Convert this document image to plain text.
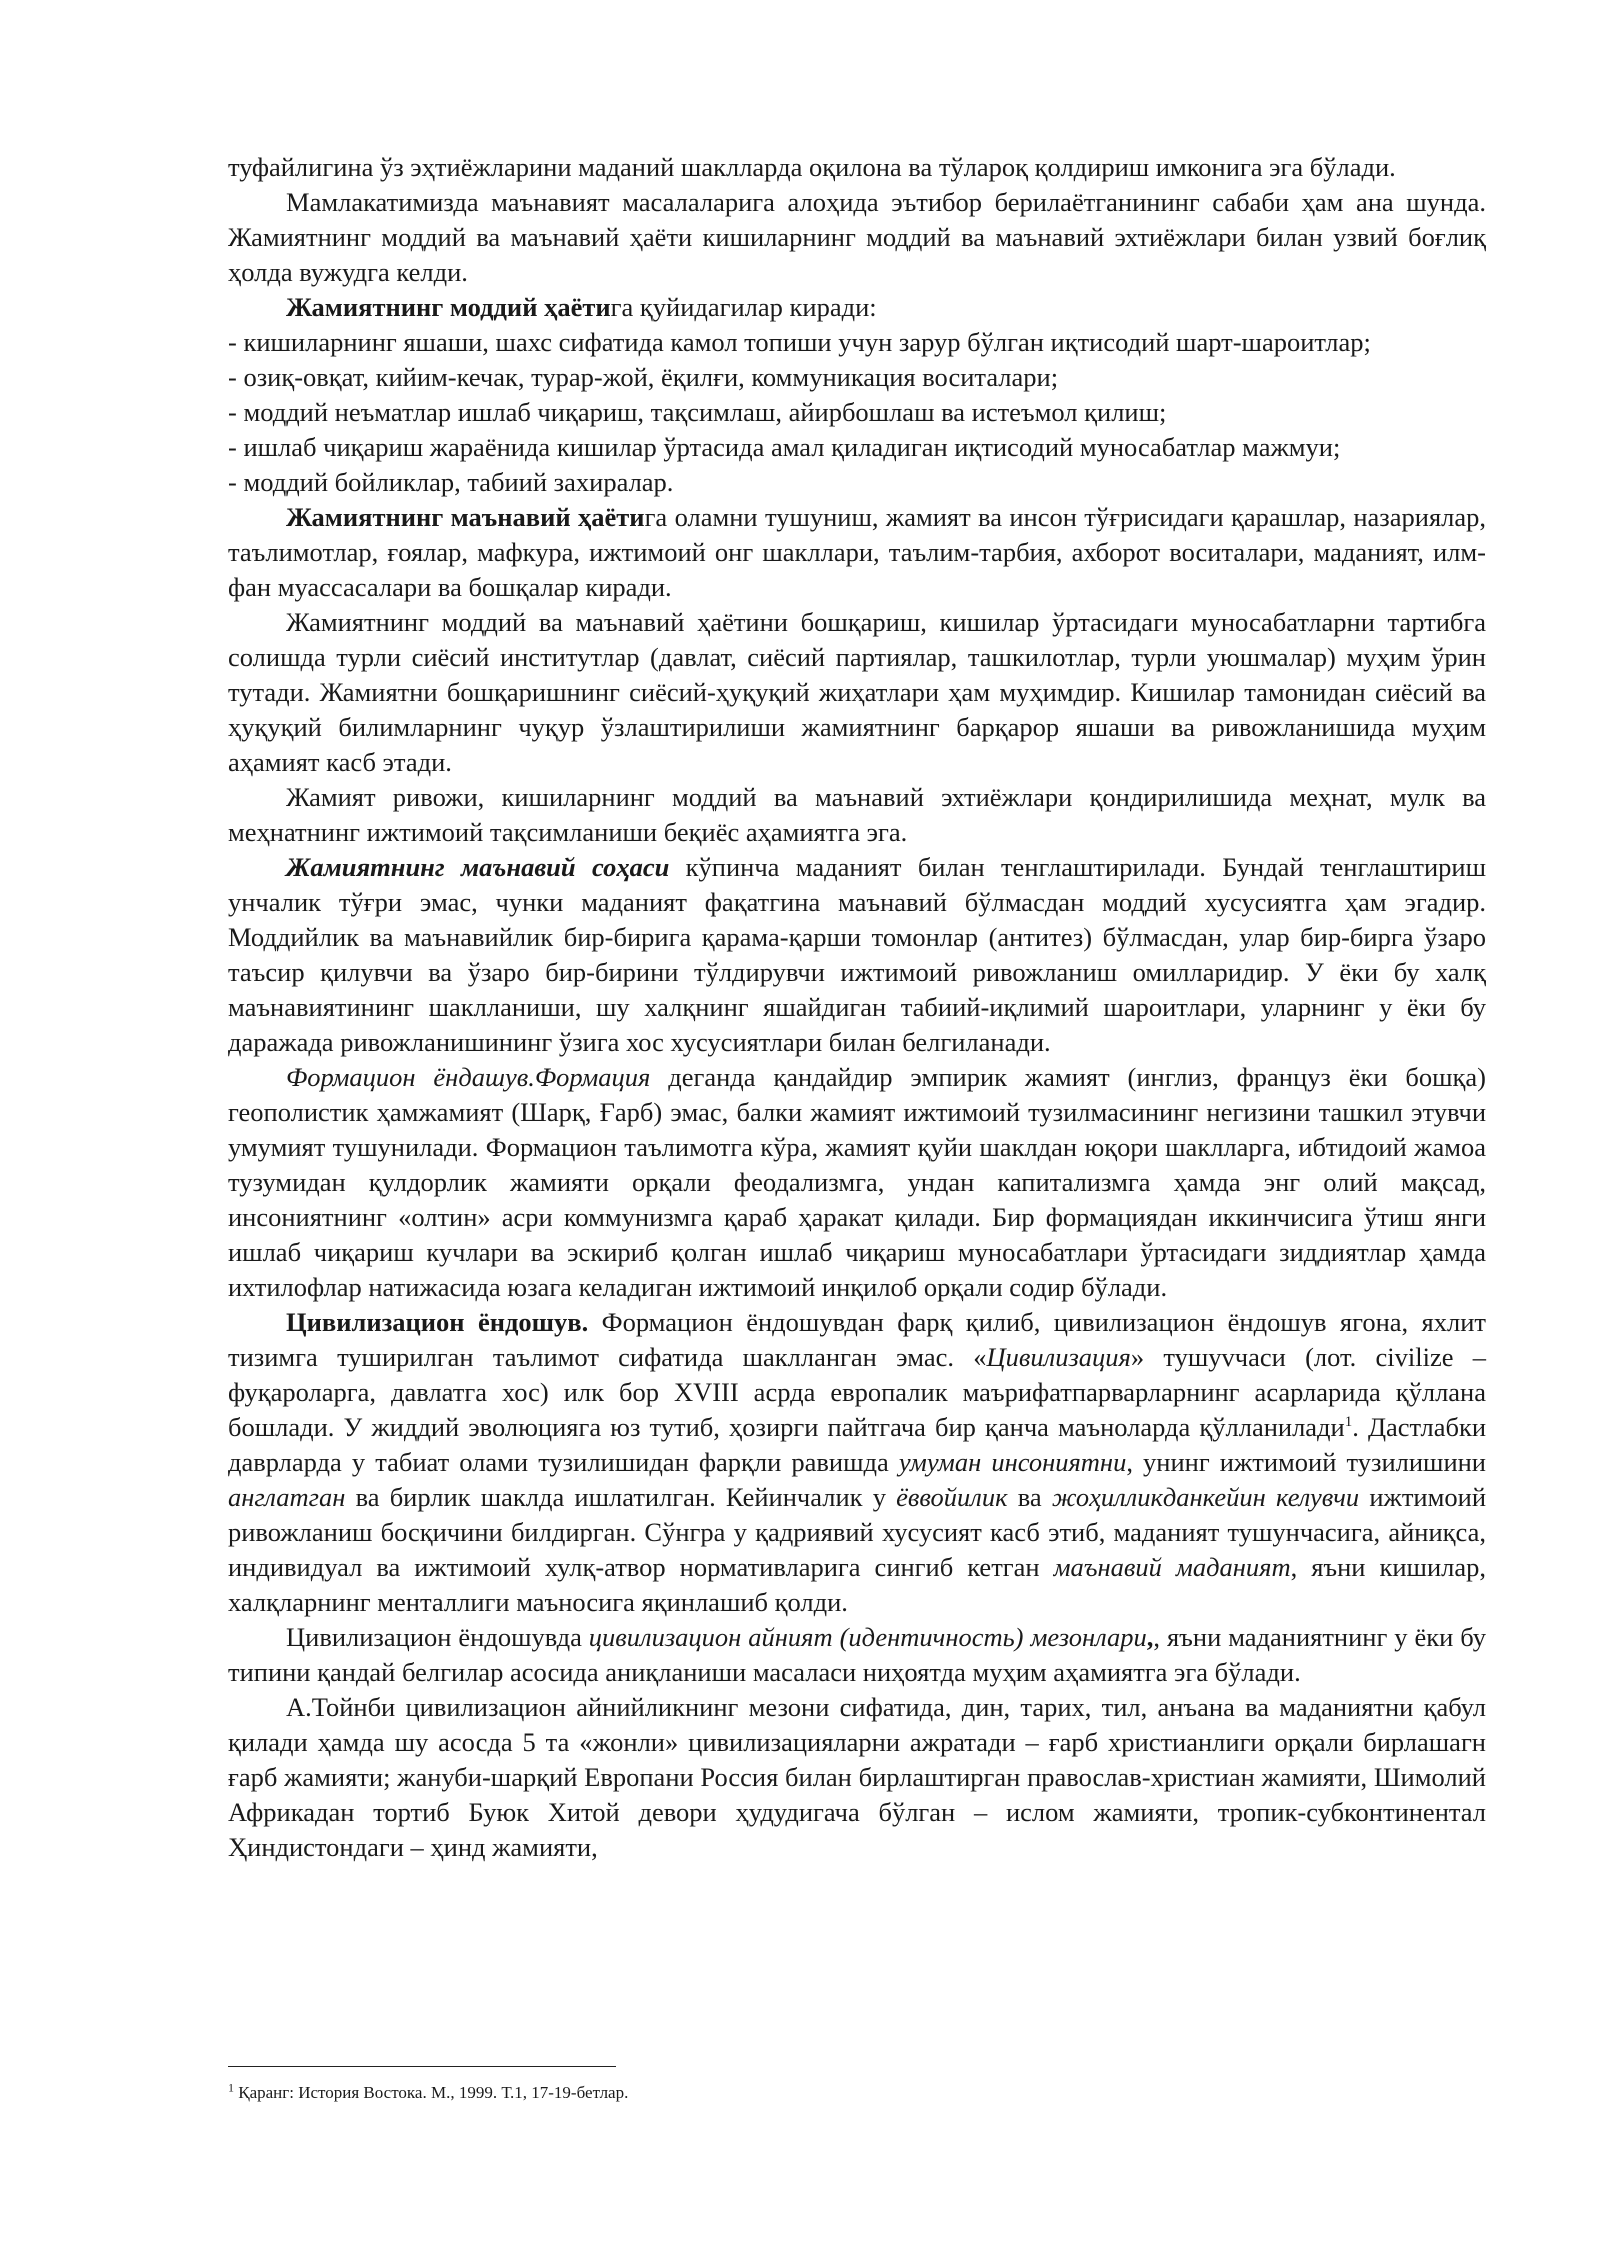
туфайлигина ўз эҳтиёжларини маданий шаклларда оқилона ва тўлароқ қолдириш имконига эга бўлади.

Мамлакатимизда маънавият масалаларига алоҳида эътибор берилаётганининг сабаби ҳам ана шунда. Жамиятнинг моддий ва маънавий ҳаёти кишиларнинг моддий ва маънавий эхтиёжлари билан узвий боғлиқ ҳолда вужудга келди.

Жамиятнинг моддий ҳаётига қуйидагилар киради:

- кишиларнинг яшаши, шахс сифатида камол топиши учун зарур бўлган иқтисодий шарт-шароитлар;

- озиқ-овқат, кийим-кечак, турар-жой, ёқилғи, коммуникация воситалари;

- моддий неъматлар ишлаб чиқариш, тақсимлаш, айирбошлаш ва истеъмол қилиш;

- ишлаб чиқариш жараёнида кишилар ўртасида амал қиладиган иқтисодий муносабатлар мажмуи;

- моддий бойликлар, табиий захиралар.

Жамиятнинг маънавий ҳаётига оламни тушуниш, жамият ва инсон тўғрисидаги қарашлар, назариялар, таълимотлар, ғоялар, мафкура, ижтимоий онг шакллари, таълим-тарбия, ахборот воситалари, маданият, илм-фан муассасалари ва бошқалар киради.

Жамиятнинг моддий ва маънавий ҳаётини бошқариш, кишилар ўртасидаги муносабатларни тартибга солишда турли сиёсий институтлар (давлат, сиёсий партиялар, ташкилотлар, турли уюшмалар) муҳим ўрин тутади. Жамиятни бошқаришнинг сиёсий-ҳуқуқий жиҳатлари ҳам муҳимдир. Кишилар тамонидан сиёсий ва ҳуқуқий билимларнинг чуқур ўзлаштирилиши жамиятнинг барқарор яшаши ва ривожланишида муҳим аҳамият касб этади.

Жамият ривожи, кишиларнинг моддий ва маънавий эхтиёжлари қондирилишида меҳнат, мулк ва меҳнатнинг ижтимоий тақсимланиши беқиёс аҳамиятга эга.

Жамиятнинг маънавий соҳаси кўпинча маданият билан тенглаштирилади. Бундай тенглаштириш унчалик тўғри эмас, чунки маданият фақатгина маънавий бўлмасдан моддий хусусиятга ҳам эгадир. Моддийлик ва маънавийлик бир-бирига қарама-қарши томонлар (антитез) бўлмасдан, улар бир-бирга ўзаро таъсир қилувчи ва ўзаро бир-бирини тўлдирувчи ижтимоий ривожланиш омилларидир. У ёки бу халқ маънавиятининг шаклланиши, шу халқнинг яшайдиган табиий-иқлимий шароитлари, уларнинг у ёки бу даражада ривожланишининг ўзига хос хусусиятлари билан белгиланади.

Формацион ёндашув.Формация деганда қандайдир эмпирик жамият (инглиз, француз ёки бошқа) геополистик ҳамжамият (Шарқ, Ғарб) эмас, балки жамият ижтимоий тузилмасининг негизини ташкил этувчи умумият тушунилади. Формацион таълимотга кўра, жамият қуйи шаклдан юқори шаклларга, ибтидоий жамоа тузумидан қулдорлик жамияти орқали феодализмга, ундан капитализмга ҳамда энг олий мақсад, инсониятнинг «олтин» асри коммунизмга қараб ҳаракат қилади. Бир формациядан иккинчисига ўтиш янги ишлаб чиқариш кучлари ва эскириб қолган ишлаб чиқариш муносабатлари ўртасидаги зиддиятлар ҳамда ихтилофлар натижасида юзага келадиган ижтимоий инқилоб орқали содир бўлади.

Цивилизацион ёндошув. Формацион ёндошувдан фарқ қилиб, цивилизацион ёндошув ягона, яхлит тизимга туширилган таълимот сифатида шаклланган эмас. «Цивилизация» тушуvчаси (лот. civilize – фуқароларга, давлатга хос) илк бор XVIII асрда европалик маърифатпарварларнинг асарларида қўллана бошлади. У жиддий эволюцияга юз тутиб, ҳозирги пайтгача бир қанча маъноларда қўлланилади$^1$. Дастлабки даврларда у табиат олами тузилишидан фарқли равишда умуман инсониятни, унинг ижтимоий тузилишини англатган ва бирлик шаклда ишлатилган. Кейинчалик у ёввойилик ва жоҳилликданкейин келувчи ижтимоий ривожланиш босқичини билдирган. Сўнгра у қадриявий хусусият касб этиб, маданият тушунчасига, айниқса, индивидуал ва ижтимоий хулқ-атвор нормативларига сингиб кетган маънавий маданият, яъни кишилар, халқларнинг менталлиги маъносига яқинлашиб қолди.

Цивилизацион ёндошувда цивилизацион айният (идентичность) мезонлари,, яъни маданиятнинг у ёки бу типини қандай белгилар асосида аниқланиши масаласи ниҳоятда муҳим аҳамиятга эга бўлади.

А.Тойнби цивилизацион айнийликнинг мезони сифатида, дин, тарих, тил, анъана ва маданиятни қабул қилади ҳамда шу асосда 5 та «жонли» цивилизацияларни ажратади – ғарб христианлиги орқали бирлашагн ғарб жамияти; жануби-шарқий Европани Россия билан бирлаштирган православ-христиан жамияти, Шимолий Африкадан тортиб Буюк Хитой девори ҳудудигача бўлган – ислом жамияти, тропик-субконтинентал Ҳиндистондаги – ҳинд жамияти,

$^1$ Қаранг: История Востока. М., 1999. Т.1, 17-19-бетлар.
